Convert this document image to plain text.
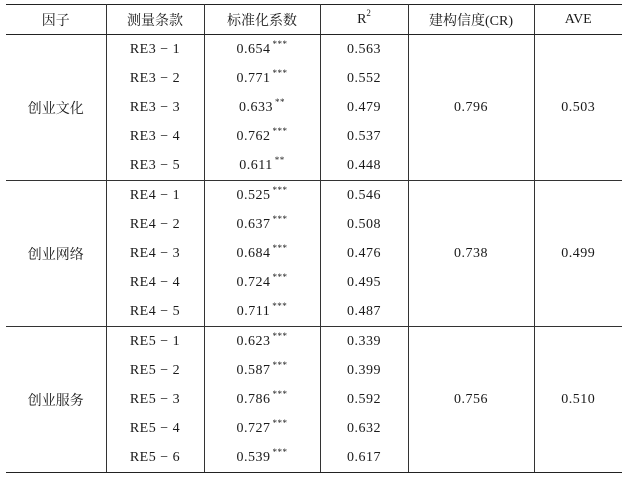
因子	测量条款	标准化系数	$R^2$	建构信度(CR)	AVE
创业文化	RE3 − 1	0.654 ***	0.563	0.796	0.503
	RE3 − 2	0.771 ***	0.552		
	RE3 − 3	0.633 **	0.479		
	RE3 − 4	0.762 ***	0.537		
	RE3 − 5	0.611 **	0.448		
创业网络	RE4 − 1	0.525 ***	0.546	0.738	0.499
	RE4 − 2	0.637 ***	0.508		
	RE4 − 3	0.684 ***	0.476		
	RE4 − 4	0.724 ***	0.495		
	RE4 − 5	0.711 ***	0.487		
创业服务	RE5 − 1	0.623 ***	0.339	0.756	0.510
	RE5 − 2	0.587 ***	0.399		
	RE5 − 3	0.786 ***	0.592		
	RE5 − 4	0.727 ***	0.632		
	RE5 − 6	0.539 ***	0.617		
